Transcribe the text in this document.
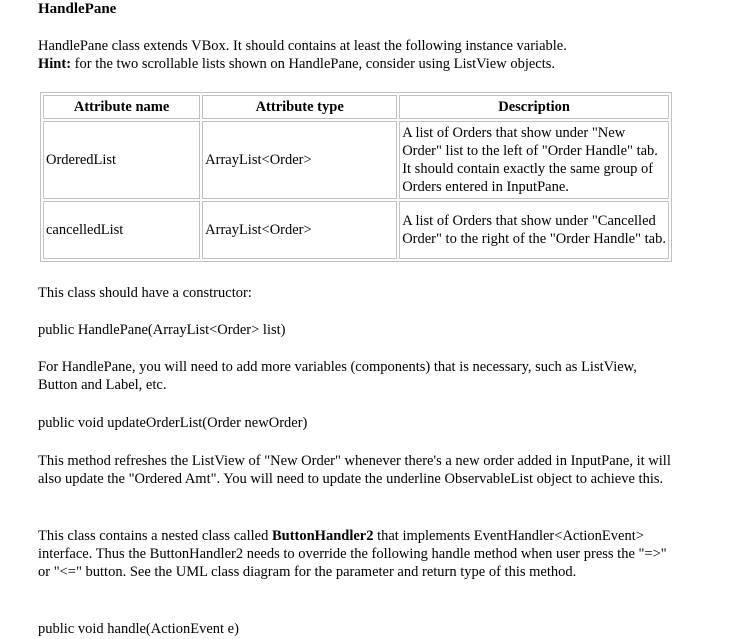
HandlePane

HandlePane class extends VBox. It should contains at least the following instance variable.
Hint: for the two scrollable lists shown on HandlePane, consider using ListView objects.

Attribute name	Attribute type	Description
OrderedList	ArrayList<Order>	A list of Orders that show under "New Order" list to the left of "Order Handle" tab. It should contain exactly the same group of Orders entered in InputPane.
cancelledList	ArrayList<Order>	A list of Orders that show under "Cancelled Order" to the right of the "Order Handle" tab.

This class should have a constructor:

public HandlePane(ArrayList<Order> list)

For HandlePane, you will need to add more variables (components) that is necessary, such as ListView, Button and Label, etc.

public void updateOrderList(Order newOrder)

This method refreshes the ListView of "New Order" whenever there's a new order added in InputPane, it will also update the "Ordered Amt". You will need to update the underline ObservableList object to achieve this.

This class contains a nested class called ButtonHandler2 that implements EventHandler<ActionEvent> interface. Thus the ButtonHandler2 needs to override the following handle method when user press the "=>" or "<=" button. See the UML class diagram for the parameter and return type of this method.

public void handle(ActionEvent e)
